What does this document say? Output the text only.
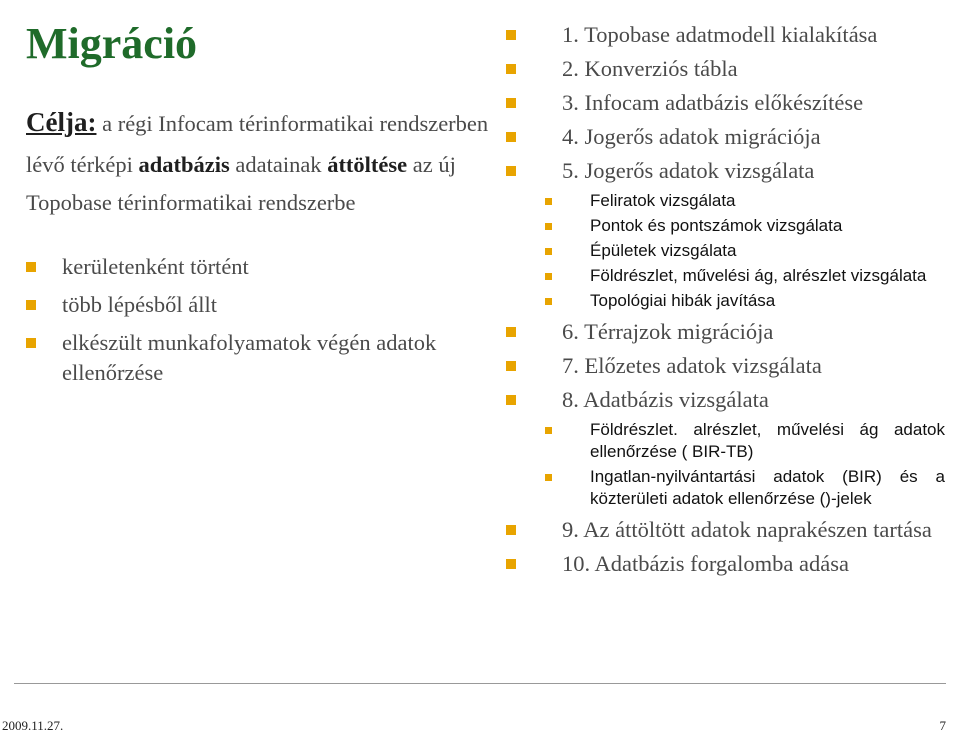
Migráció
Célja: a régi Infocam térinformatikai rendszerben lévő térképi adatbázis adatainak áttöltése az új Topobase térinformatikai rendszerbe
kerületenként történt
több lépésből állt
elkészült munkafolyamatok végén adatok ellenőrzése
1. Topobase adatmodell kialakítása
2. Konverziós tábla
3. Infocam adatbázis előkészítése
4. Jogerős adatok migrációja
5. Jogerős adatok vizsgálata
Feliratok vizsgálata
Pontok és pontszámok vizsgálata
Épületek vizsgálata
Földrészlet, művelési ág, alrészlet vizsgálata
Topológiai hibák javítása
6. Térrajzok migrációja
7. Előzetes adatok vizsgálata
8. Adatbázis vizsgálata
Földrészlet. alrészlet, művelési ág adatok ellenőrzése ( BIR-TB)
Ingatlan-nyilvántartási adatok (BIR) és a közterületi adatok ellenőrzése ()-jelek
9. Az áttöltött adatok naprakészen tartása
10. Adatbázis forgalomba adása
2009.11.27.	7
